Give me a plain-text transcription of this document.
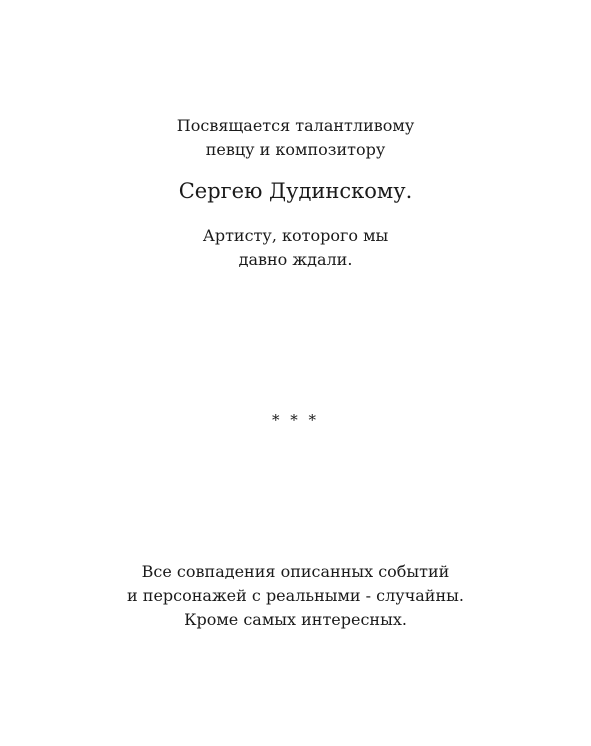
Посвящается талантливому
певцу и композитору
Сергею Дудинскому.
Артисту, которого мы
давно ждали.
* * *
Все совпадения описанных событий
и персонажей с реальными - случайны.
Кроме самых интересных.
